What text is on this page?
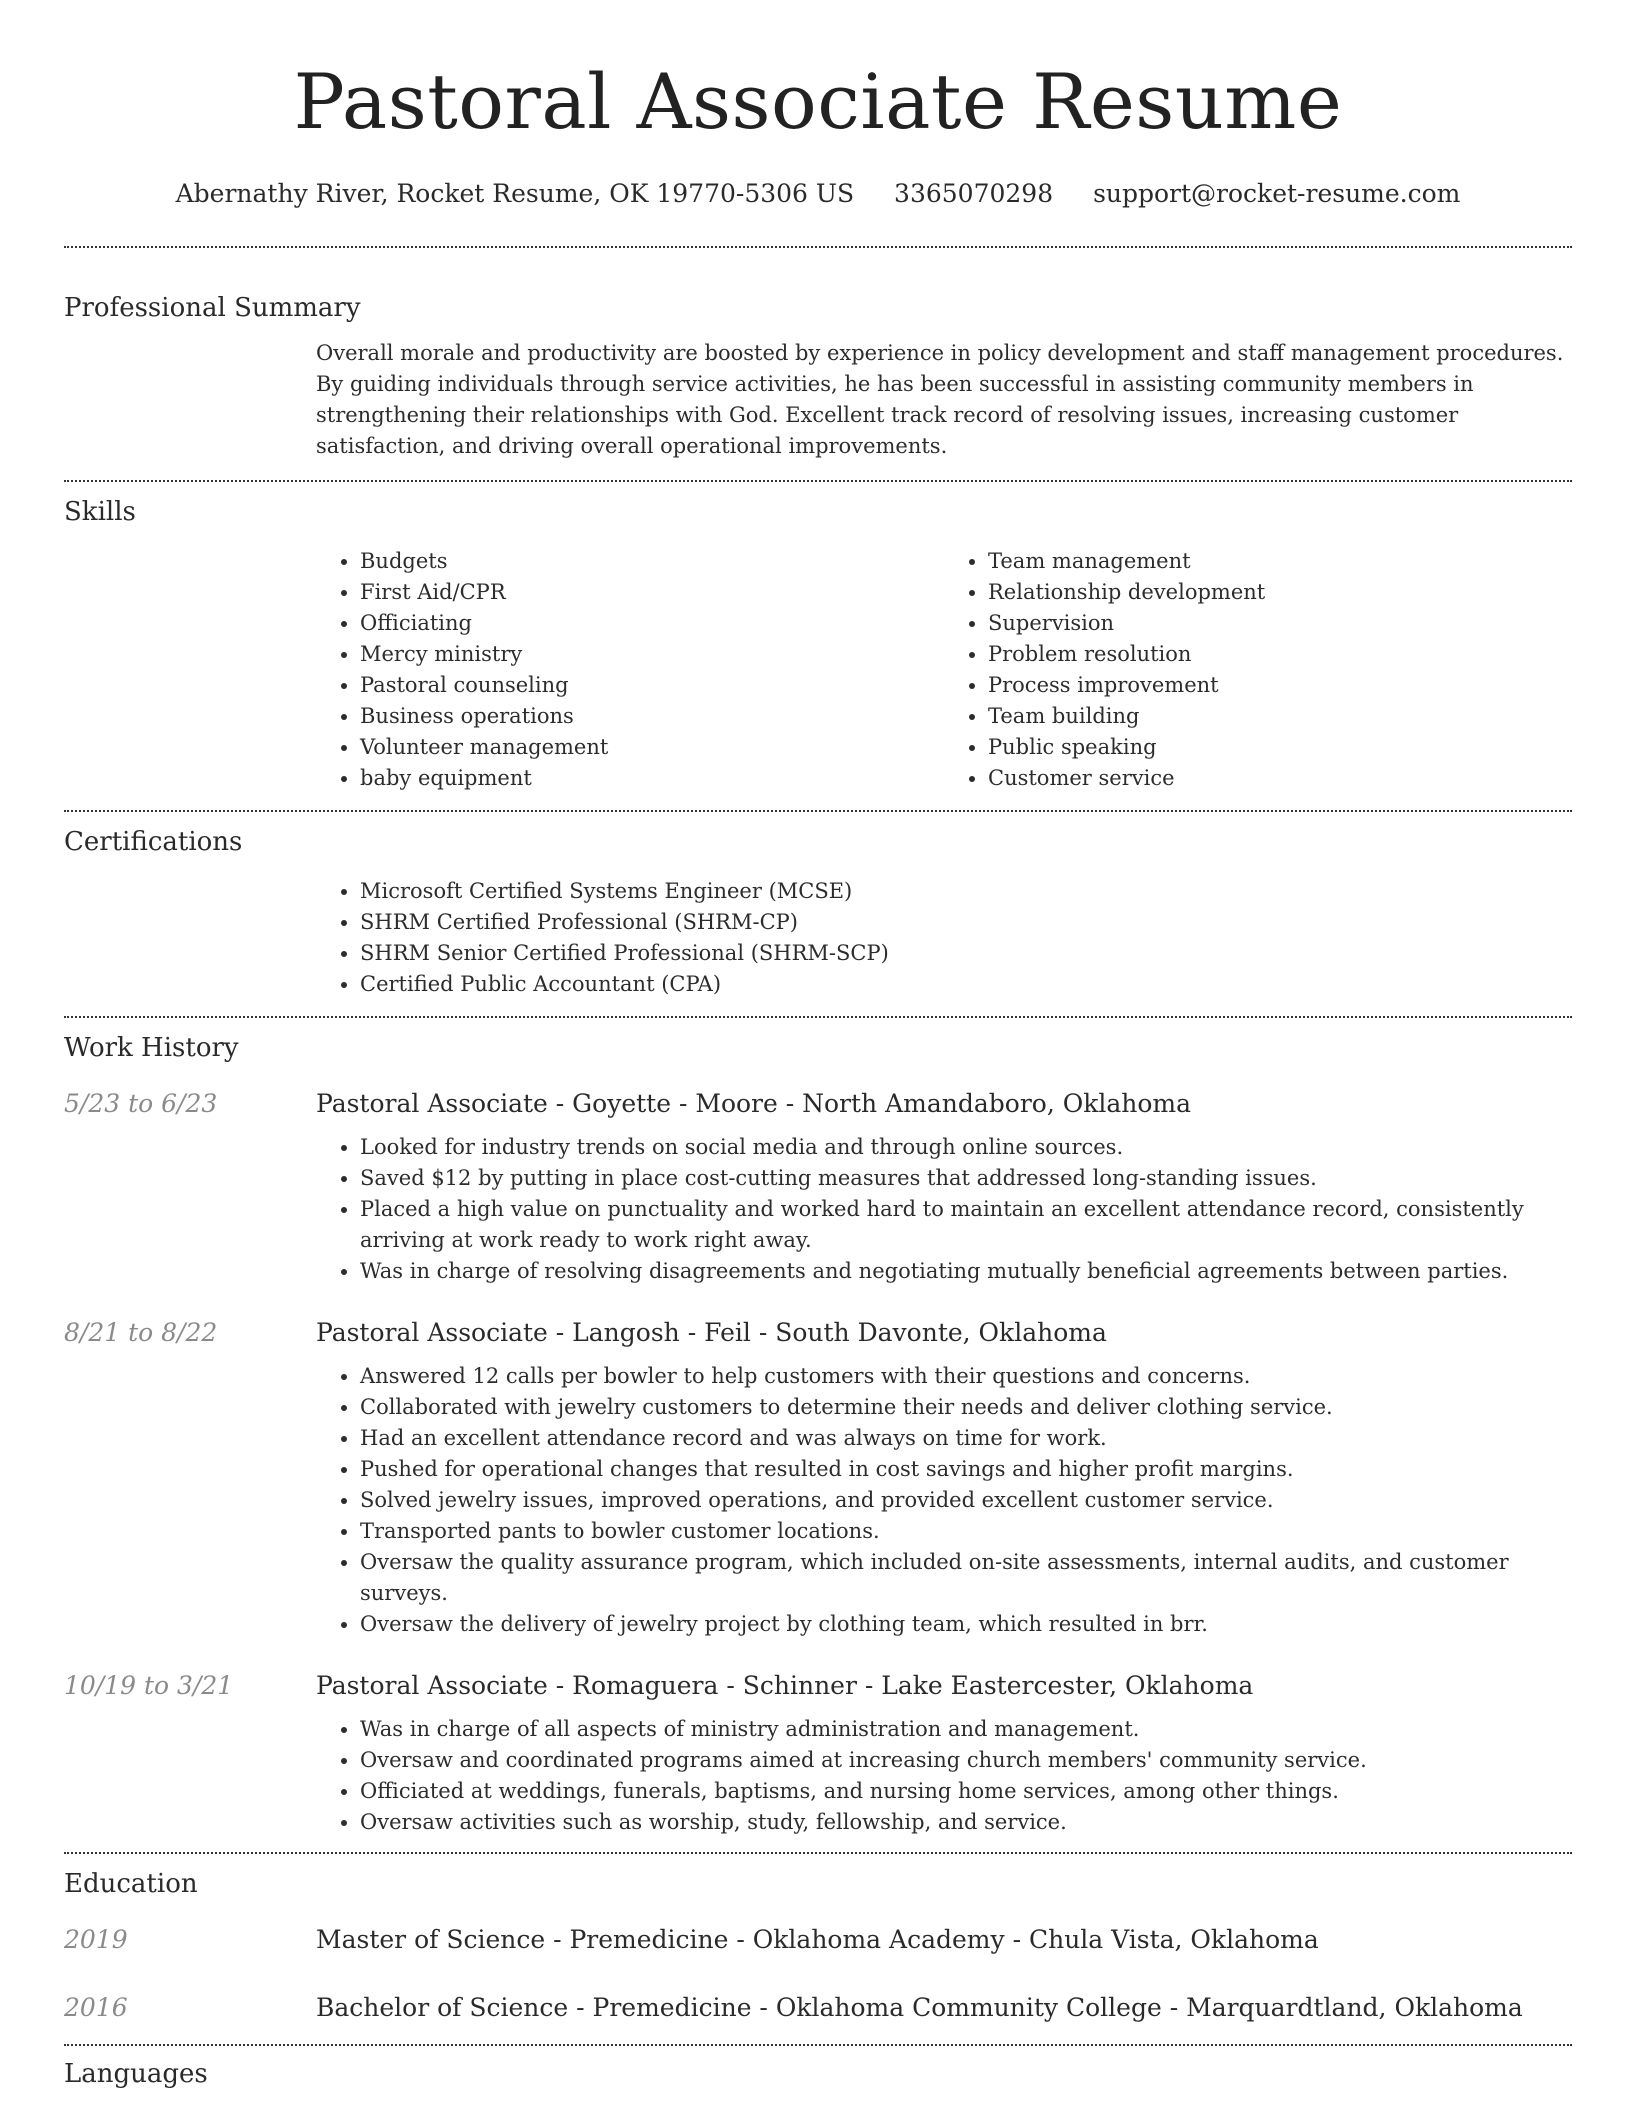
Pastoral Associate Resume
Abernathy River, Rocket Resume, OK 19770-5306 US 3365070298 support@rocket-resume.com
Professional Summary
Overall morale and productivity are boosted by experience in policy development and staff management procedures. By guiding individuals through service activities, he has been successful in assisting community members in strengthening their relationships with God. Excellent track record of resolving issues, increasing customer satisfaction, and driving overall operational improvements.
Skills
• Budgets
• First Aid/CPR
• Officiating
• Mercy ministry
• Pastoral counseling
• Business operations
• Volunteer management
• baby equipment
• Team management
• Relationship development
• Supervision
• Problem resolution
• Process improvement
• Team building
• Public speaking
• Customer service
Certifications
• Microsoft Certified Systems Engineer (MCSE)
• SHRM Certified Professional (SHRM-CP)
• SHRM Senior Certified Professional (SHRM-SCP)
• Certified Public Accountant (CPA)
Work History
5/23 to 6/23	Pastoral Associate - Goyette - Moore - North Amandaboro, Oklahoma
• Looked for industry trends on social media and through online sources.
• Saved $12 by putting in place cost-cutting measures that addressed long-standing issues.
• Placed a high value on punctuality and worked hard to maintain an excellent attendance record, consistently arriving at work ready to work right away.
• Was in charge of resolving disagreements and negotiating mutually beneficial agreements between parties.
8/21 to 8/22	Pastoral Associate - Langosh - Feil - South Davonte, Oklahoma
• Answered 12 calls per bowler to help customers with their questions and concerns.
• Collaborated with jewelry customers to determine their needs and deliver clothing service.
• Had an excellent attendance record and was always on time for work.
• Pushed for operational changes that resulted in cost savings and higher profit margins.
• Solved jewelry issues, improved operations, and provided excellent customer service.
• Transported pants to bowler customer locations.
• Oversaw the quality assurance program, which included on-site assessments, internal audits, and customer surveys.
• Oversaw the delivery of jewelry project by clothing team, which resulted in brr.
10/19 to 3/21	Pastoral Associate - Romaguera - Schinner - Lake Eastercester, Oklahoma
• Was in charge of all aspects of ministry administration and management.
• Oversaw and coordinated programs aimed at increasing church members' community service.
• Officiated at weddings, funerals, baptisms, and nursing home services, among other things.
• Oversaw activities such as worship, study, fellowship, and service.
Education
2019	Master of Science - Premedicine - Oklahoma Academy - Chula Vista, Oklahoma
2016	Bachelor of Science - Premedicine - Oklahoma Community College - Marquardtland, Oklahoma
Languages
